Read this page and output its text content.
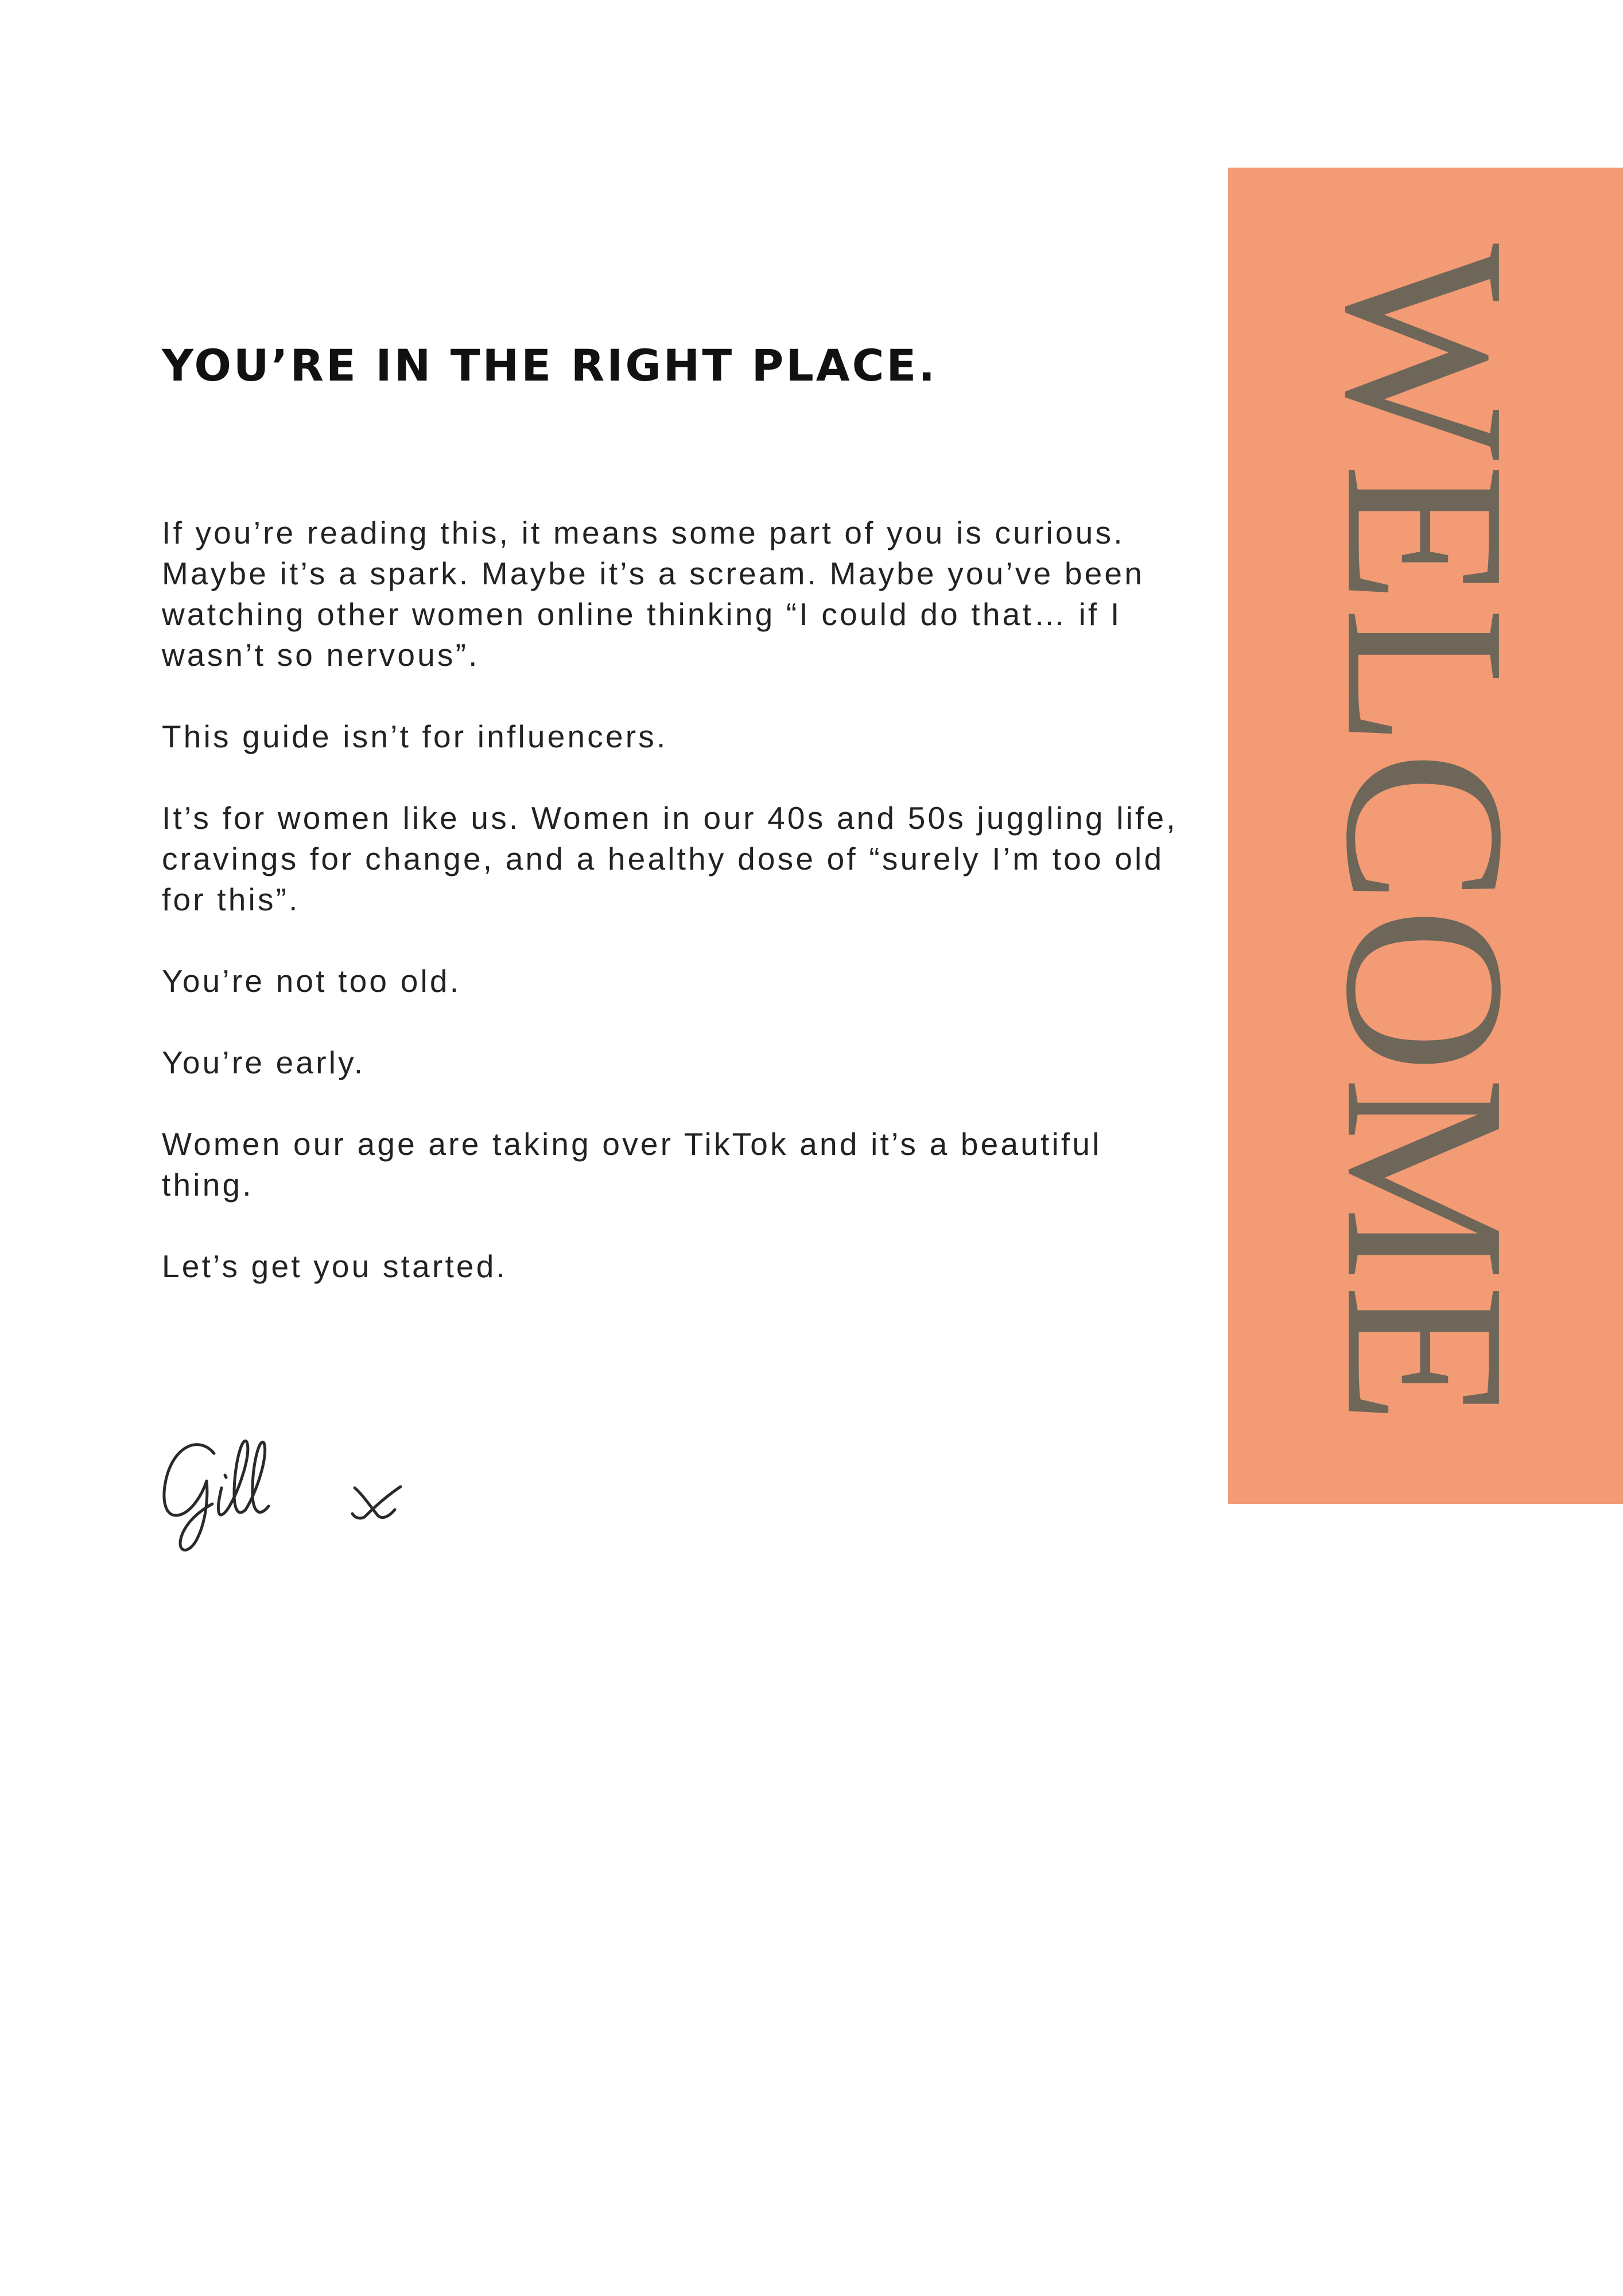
YOU’RE IN THE RIGHT PLACE.

If you’re reading this, it means some part of you is curious. Maybe it’s a spark. Maybe it’s a scream. Maybe you’ve been watching other women online thinking “I could do that… if I wasn’t so nervous”.

This guide isn’t for influencers.

It’s for women like us. Women in our 40s and 50s juggling life, cravings for change, and a healthy dose of “surely I’m too old for this”.

You’re not too old.

You’re early.

Women our age are taking over TikTok and it’s a beautiful thing.

Let’s get you started.	WELCOME
